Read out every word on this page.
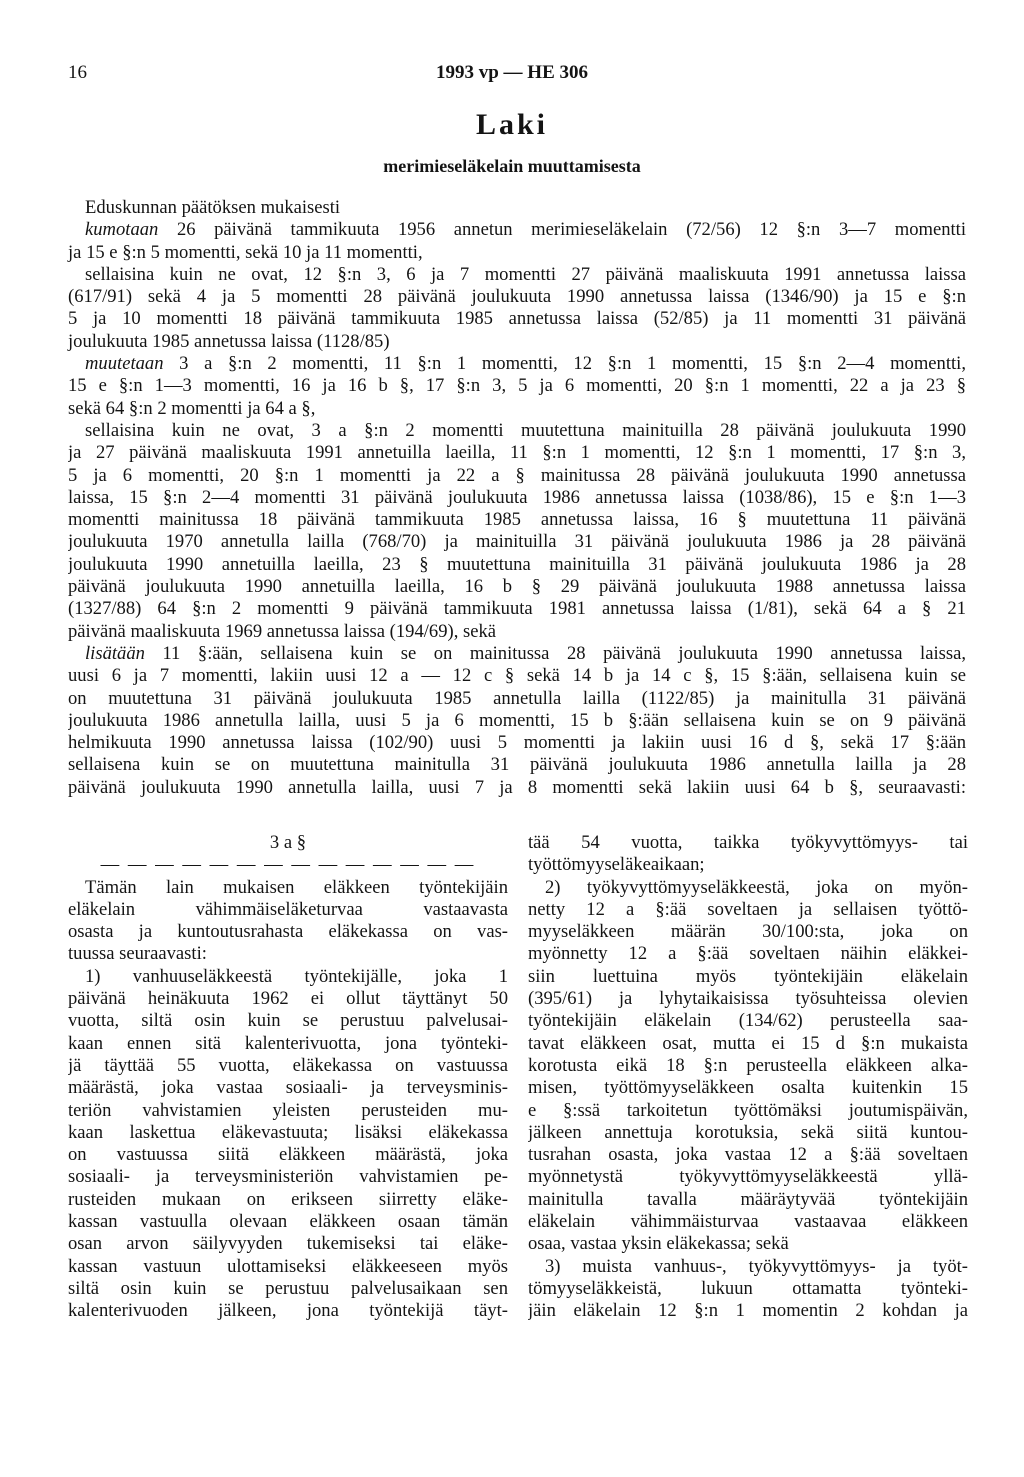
16	1993 vp — HE 306
Laki
merimieseläkelain muuttamisesta
Eduskunnan päätöksen mukaisesti
kumotaan 26 päivänä tammikuuta 1956 annetun merimieseläkelain (72/56) 12 §:n 3—7 momentti
ja 15 e §:n 5 momentti, sekä 10 ja 11 momentti,
sellaisina kuin ne ovat, 12 §:n 3, 6 ja 7 momentti 27 päivänä maaliskuuta 1991 annetussa laissa
(617/91) sekä 4 ja 5 momentti 28 päivänä joulukuuta 1990 annetussa laissa (1346/90) ja 15 e §:n
5 ja 10 momentti 18 päivänä tammikuuta 1985 annetussa laissa (52/85) ja 11 momentti 31 päivänä
joulukuuta 1985 annetussa laissa (1128/85)
muutetaan 3 a §:n 2 momentti, 11 §:n 1 momentti, 12 §:n 1 momentti, 15 §:n 2—4 momentti,
15 e §:n 1—3 momentti, 16 ja 16 b §, 17 §:n 3, 5 ja 6 momentti, 20 §:n 1 momentti, 22 a ja 23 §
sekä 64 §:n 2 momentti ja 64 a §,
sellaisina kuin ne ovat, 3 a §:n 2 momentti muutettuna mainituilla 28 päivänä joulukuuta 1990
ja 27 päivänä maaliskuuta 1991 annetuilla laeilla, 11 §:n 1 momentti, 12 §:n 1 momentti, 17 §:n 3,
5 ja 6 momentti, 20 §:n 1 momentti ja 22 a § mainitussa 28 päivänä joulukuuta 1990 annetussa
laissa, 15 §:n 2—4 momentti 31 päivänä joulukuuta 1986 annetussa laissa (1038/86), 15 e §:n 1—3
momentti mainitussa 18 päivänä tammikuuta 1985 annetussa laissa, 16 § muutettuna 11 päivänä
joulukuuta 1970 annetulla lailla (768/70) ja mainituilla 31 päivänä joulukuuta 1986 ja 28 päivänä
joulukuuta 1990 annetuilla laeilla, 23 § muutettuna mainituilla 31 päivänä joulukuuta 1986 ja 28
päivänä joulukuuta 1990 annetuilla laeilla, 16 b § 29 päivänä joulukuuta 1988 annetussa laissa
(1327/88) 64 §:n 2 momentti 9 päivänä tammikuuta 1981 annetussa laissa (1/81), sekä 64 a § 21
päivänä maaliskuuta 1969 annetussa laissa (194/69), sekä
lisätään 11 §:ään, sellaisena kuin se on mainitussa 28 päivänä joulukuuta 1990 annetussa laissa,
uusi 6 ja 7 momentti, lakiin uusi 12 a — 12 c § sekä 14 b ja 14 c §, 15 §:ään, sellaisena kuin se
on muutettuna 31 päivänä joulukuuta 1985 annetulla lailla (1122/85) ja mainitulla 31 päivänä
joulukuuta 1986 annetulla lailla, uusi 5 ja 6 momentti, 15 b §:ään sellaisena kuin se on 9 päivänä
helmikuuta 1990 annetussa laissa (102/90) uusi 5 momentti ja lakiin uusi 16 d §, sekä 17 §:ään
sellaisena kuin se on muutettuna mainitulla 31 päivänä joulukuuta 1986 annetulla lailla ja 28
päivänä joulukuuta 1990 annetulla lailla, uusi 7 ja 8 momentti sekä lakiin uusi 64 b §, seuraavasti:
3 a §
— — — — — — — — — — — — — —
Tämän lain mukaisen eläkkeen työntekijäin
eläkelain vähimmäiseläketurvaa vastaavasta
osasta ja kuntoutusrahasta eläkekassa on vas-
tuussa seuraavasti:
1) vanhuuseläkkeestä työntekijälle, joka 1
päivänä heinäkuuta 1962 ei ollut täyttänyt 50
vuotta, siltä osin kuin se perustuu palvelusai-
kaan ennen sitä kalenterivuotta, jona työnteki-
jä täyttää 55 vuotta, eläkekassa on vastuussa
määrästä, joka vastaa sosiaali- ja terveysminis-
teriön vahvistamien yleisten perusteiden mu-
kaan laskettua eläkevastuuta; lisäksi eläkekassa
on vastuussa siitä eläkkeen määrästä, joka
sosiaali- ja terveysministeriön vahvistamien pe-
rusteiden mukaan on erikseen siirretty eläke-
kassan vastuulla olevaan eläkkeen osaan tämän
osan arvon säilyvyyden tukemiseksi tai eläke-
kassan vastuun ulottamiseksi eläkkeeseen myös
siltä osin kuin se perustuu palvelusaikaan sen
kalenterivuoden jälkeen, jona työntekijä täyt-
tää 54 vuotta, taikka työkyvyttömyys- tai
työttömyyseläkeaikaan;
2) työkyvyttömyyseläkkeestä, joka on myön-
netty 12 a §:ää soveltaen ja sellaisen työttö-
myyseläkkeen määrän 30/100:sta, joka on
myönnetty 12 a §:ää soveltaen näihin eläkkei-
siin luettuina myös työntekijäin eläkelain
(395/61) ja lyhytaikaisissa työsuhteissa olevien
työntekijäin eläkelain (134/62) perusteella saa-
tavat eläkkeen osat, mutta ei 15 d §:n mukaista
korotusta eikä 18 §:n perusteella eläkkeen alka-
misen, työttömyyseläkkeen osalta kuitenkin 15
e §:ssä tarkoitetun työttömäksi joutumispäivän,
jälkeen annettuja korotuksia, sekä siitä kuntou-
tusrahan osasta, joka vastaa 12 a §:ää soveltaen
myönnetystä työkyvyttömyyseläkkeestä yllä-
mainitulla tavalla määräytyvää työntekijäin
eläkelain vähimmäisturvaa vastaavaa eläkkeen
osaa, vastaa yksin eläkekassa; sekä
3) muista vanhuus-, työkyvyttömyys- ja työt-
tömyyseläkkeistä, lukuun ottamatta työnteki-
jäin eläkelain 12 §:n 1 momentin 2 kohdan ja
